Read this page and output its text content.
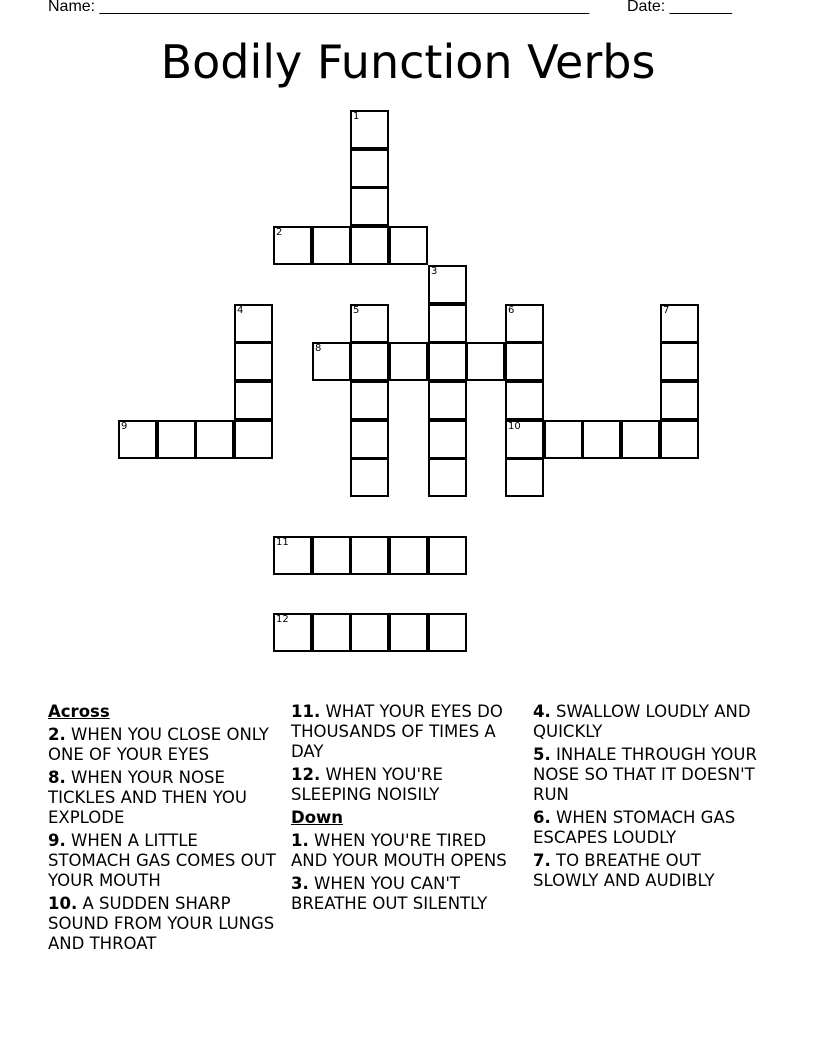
Name: _______________________________________________________ Date: _______
Bodily Function Verbs
1
2
3
4	5	6	7
8
9	10
11
12
Across
2. WHEN YOU CLOSE ONLY ONE OF YOUR EYES
8. WHEN YOUR NOSE TICKLES AND THEN YOU EXPLODE
9. WHEN A LITTLE STOMACH GAS COMES OUT YOUR MOUTH
10. A SUDDEN SHARP SOUND FROM YOUR LUNGS AND THROAT
11. WHAT YOUR EYES DO THOUSANDS OF TIMES A DAY
12. WHEN YOU'RE SLEEPING NOISILY
Down
1. WHEN YOU'RE TIRED AND YOUR MOUTH OPENS
3. WHEN YOU CAN'T BREATHE OUT SILENTLY
4. SWALLOW LOUDLY AND QUICKLY
5. INHALE THROUGH YOUR NOSE SO THAT IT DOESN'T RUN
6. WHEN STOMACH GAS ESCAPES LOUDLY
7. TO BREATHE OUT SLOWLY AND AUDIBLY
